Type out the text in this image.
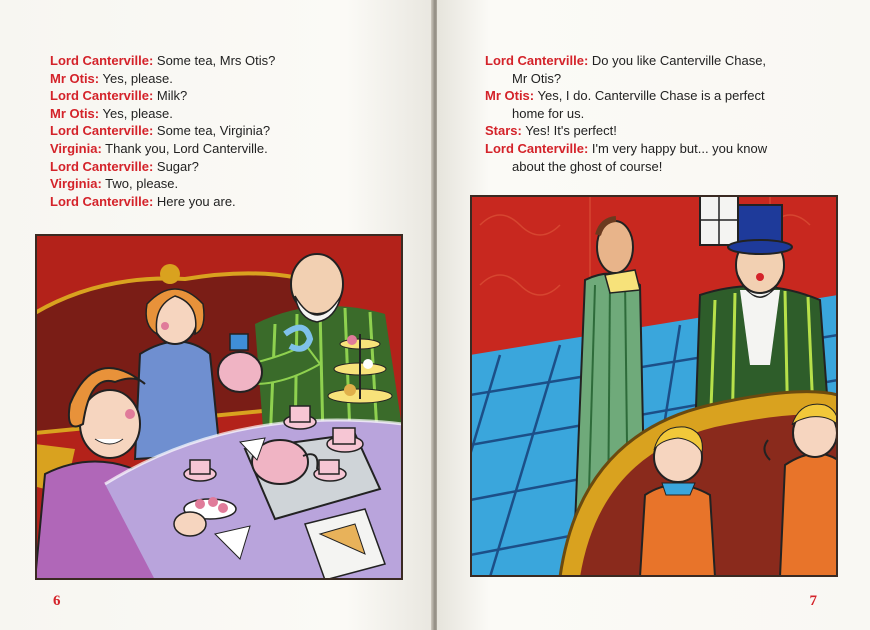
Lord Canterville: Some tea, Mrs Otis?
Mr Otis: Yes, please.
Lord Canterville: Milk?
Mr Otis: Yes, please.
Lord Canterville: Some tea, Virginia?
Virginia: Thank you, Lord Canterville.
Lord Canterville: Sugar?
Virginia: Two, please.
Lord Canterville: Here you are.
6
Lord Canterville: Do you like Canterville Chase,
Mr Otis?
Mr Otis: Yes, I do. Canterville Chase is a perfect
home for us.
Stars: Yes! It's perfect!
Lord Canterville: I'm very happy but... you know
about the ghost of course!
7
